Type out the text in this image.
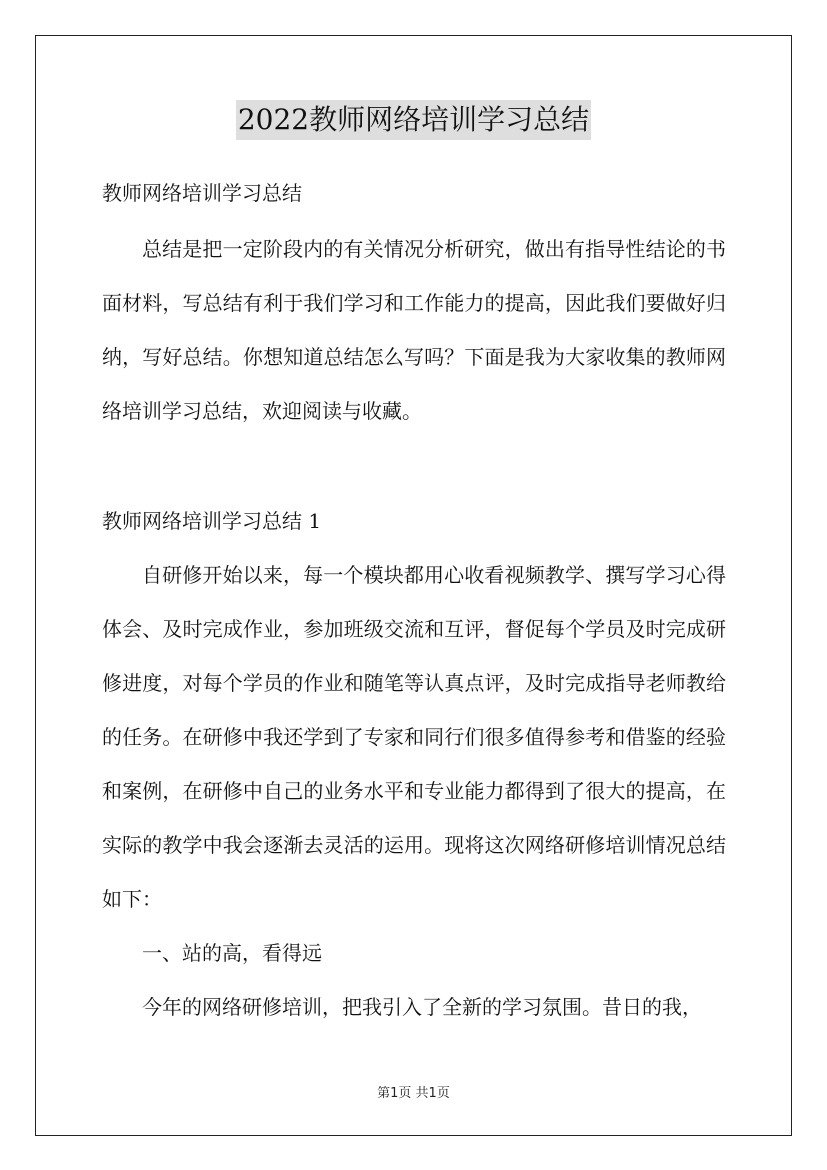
2022教师网络培训学习总结
教师网络培训学习总结
总结是把一定阶段内的有关情况分析研究，做出有指导性结论的书面材料，写总结有利于我们学习和工作能力的提高，因此我们要做好归纳，写好总结。你想知道总结怎么写吗？下面是我为大家收集的教师网络培训学习总结，欢迎阅读与收藏。
教师网络培训学习总结 1
自研修开始以来，每一个模块都用心收看视频教学、撰写学习心得体会、及时完成作业，参加班级交流和互评，督促每个学员及时完成研修进度，对每个学员的作业和随笔等认真点评，及时完成指导老师教给的任务。在研修中我还学到了专家和同行们很多值得参考和借鉴的经验和案例，在研修中自己的业务水平和专业能力都得到了很大的提高，在实际的教学中我会逐渐去灵活的运用。现将这次网络研修培训情况总结如下：
一、站的高，看得远
今年的网络研修培训，把我引入了全新的学习氛围。昔日的我，
第1页 共1页
